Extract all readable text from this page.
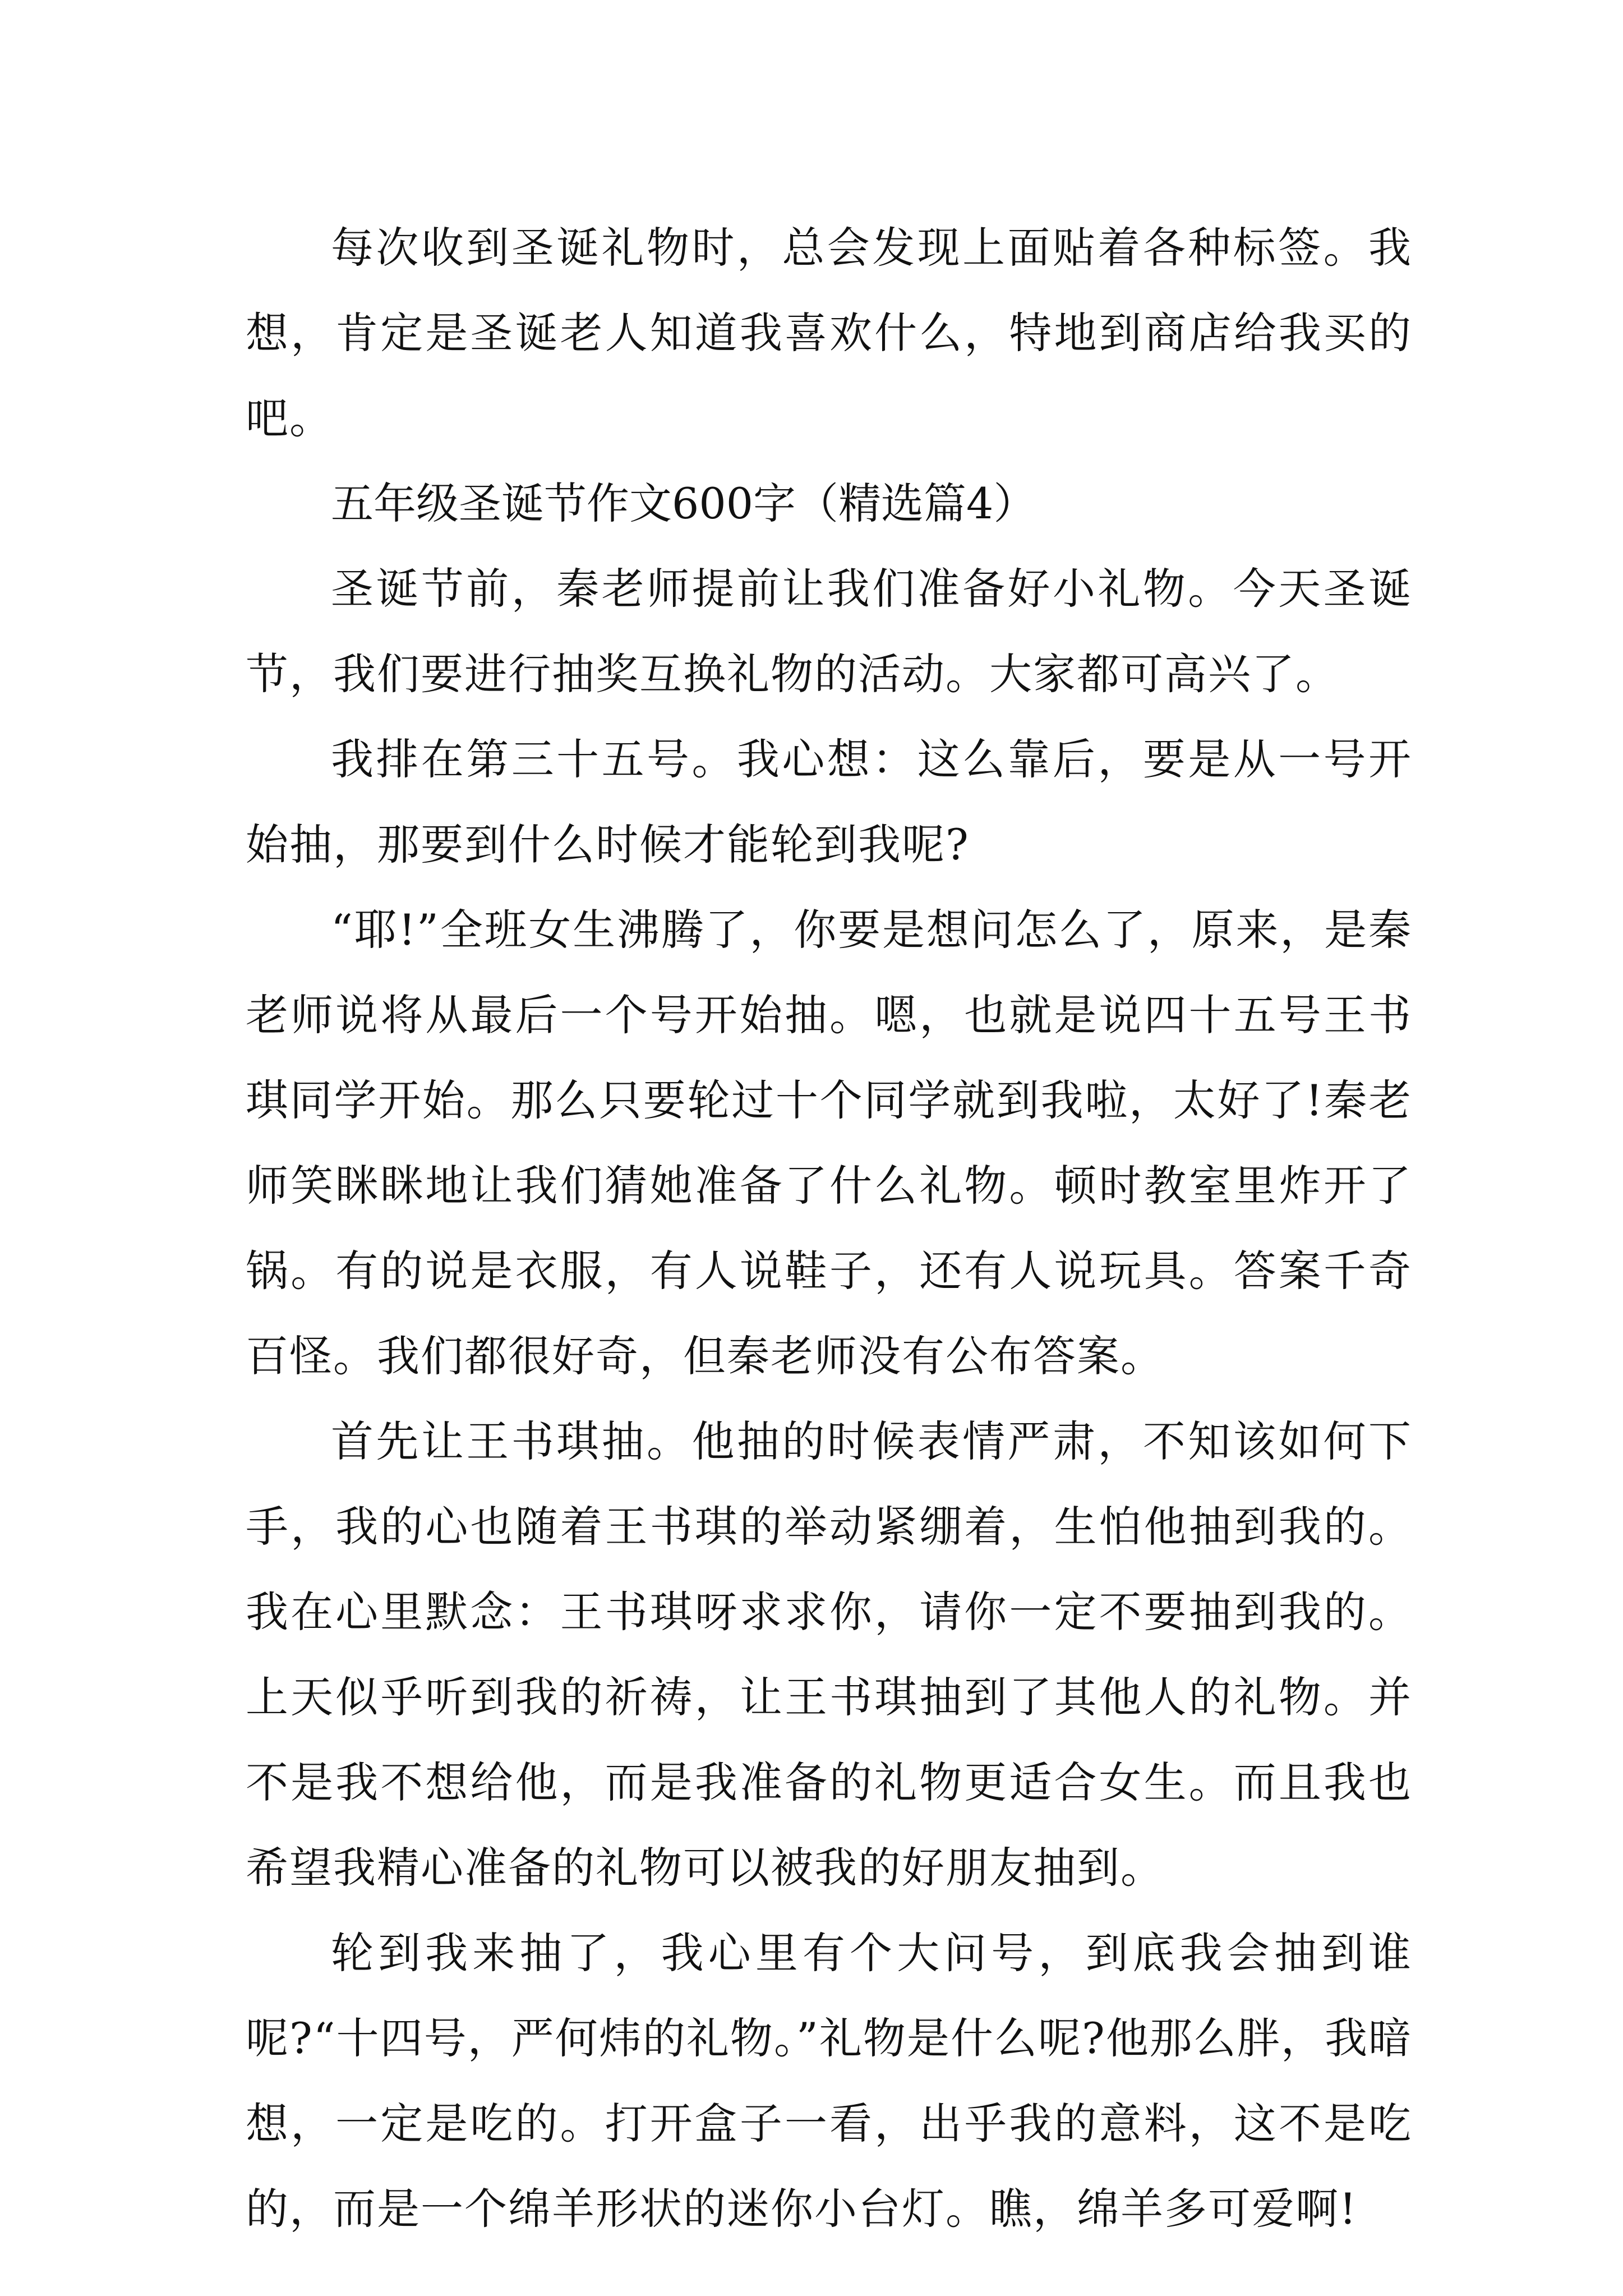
每次收到圣诞礼物时，总会发现上面贴着各种标签。我想，肯定是圣诞老人知道我喜欢什么，特地到商店给我买的吧。

五年级圣诞节作文600字（精选篇4）

圣诞节前，秦老师提前让我们准备好小礼物。今天圣诞节，我们要进行抽奖互换礼物的活动。大家都可高兴了。

我排在第三十五号。我心想：这么靠后，要是从一号开始抽，那要到什么时候才能轮到我呢?

“耶!”全班女生沸腾了，你要是想问怎么了，原来，是秦老师说将从最后一个号开始抽。嗯，也就是说四十五号王书琪同学开始。那么只要轮过十个同学就到我啦，太好了!秦老师笑眯眯地让我们猜她准备了什么礼物。顿时教室里炸开了锅。有的说是衣服，有人说鞋子，还有人说玩具。答案千奇百怪。我们都很好奇，但秦老师没有公布答案。

首先让王书琪抽。他抽的时候表情严肃，不知该如何下手，我的心也随着王书琪的举动紧绷着，生怕他抽到我的。我在心里默念：王书琪呀求求你，请你一定不要抽到我的。上天似乎听到我的祈祷，让王书琪抽到了其他人的礼物。并不是我不想给他，而是我准备的礼物更适合女生。而且我也希望我精心准备的礼物可以被我的好朋友抽到。

轮到我来抽了，我心里有个大问号，到底我会抽到谁呢?“十四号，严何炜的礼物。”礼物是什么呢?他那么胖，我暗想，一定是吃的。打开盒子一看，出乎我的意料，这不是吃的，而是一个绵羊形状的迷你小台灯。瞧，绵羊多可爱啊!
